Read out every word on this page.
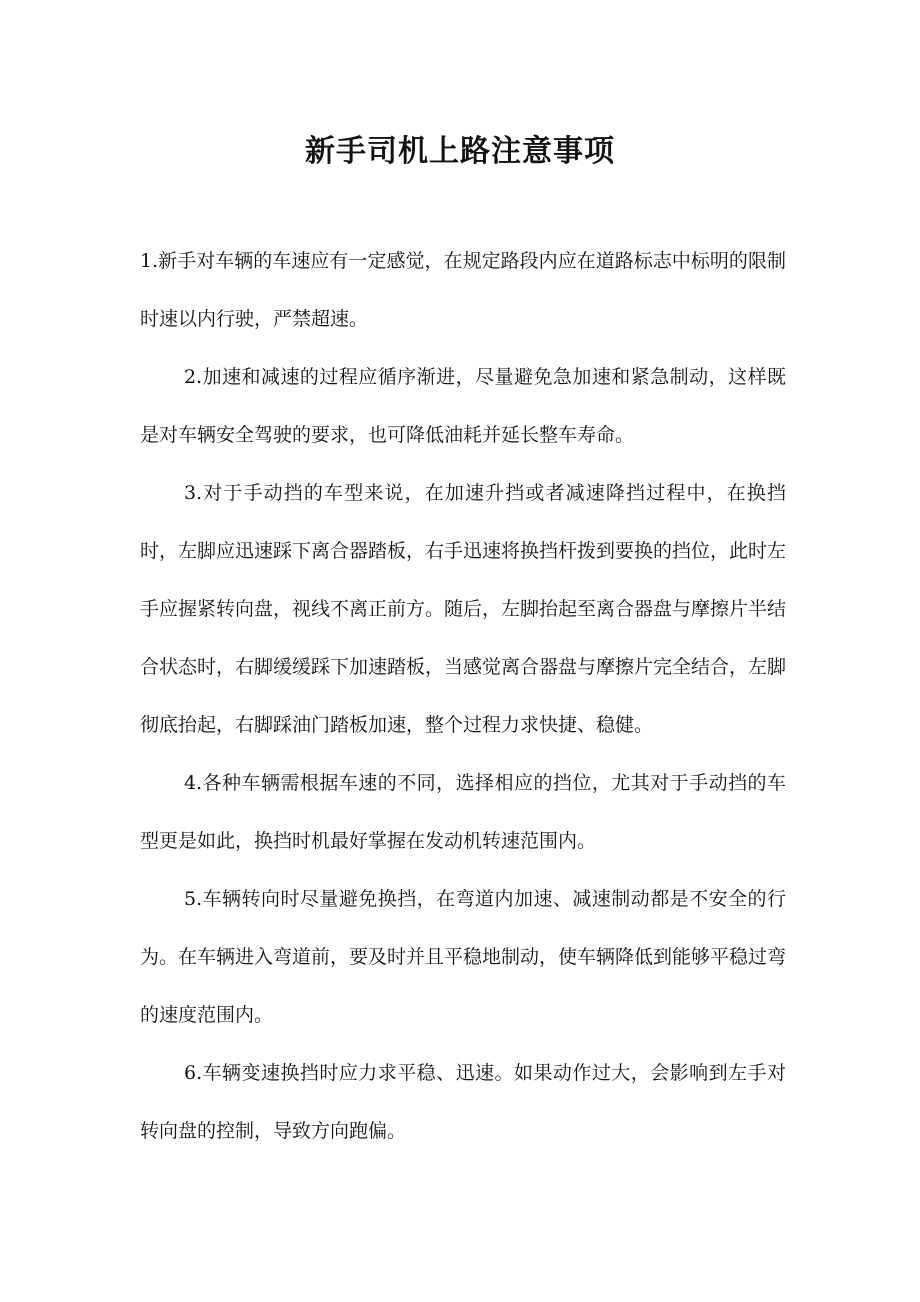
新手司机上路注意事项

1.新手对车辆的车速应有一定感觉，在规定路段内应在道路标志中标明的限制时速以内行驶，严禁超速。

2.加速和减速的过程应循序渐进，尽量避免急加速和紧急制动，这样既是对车辆安全驾驶的要求，也可降低油耗并延长整车寿命。

3.对于手动挡的车型来说，在加速升挡或者减速降挡过程中，在换挡时，左脚应迅速踩下离合器踏板，右手迅速将换挡杆拨到要换的挡位，此时左手应握紧转向盘，视线不离正前方。随后，左脚抬起至离合器盘与摩擦片半结合状态时，右脚缓缓踩下加速踏板，当感觉离合器盘与摩擦片完全结合，左脚彻底抬起，右脚踩油门踏板加速，整个过程力求快捷、稳健。

4.各种车辆需根据车速的不同，选择相应的挡位，尤其对于手动挡的车型更是如此，换挡时机最好掌握在发动机转速范围内。

5.车辆转向时尽量避免换挡，在弯道内加速、减速制动都是不安全的行为。在车辆进入弯道前，要及时并且平稳地制动，使车辆降低到能够平稳过弯的速度范围内。

6.车辆变速换挡时应力求平稳、迅速。如果动作过大，会影响到左手对转向盘的控制，导致方向跑偏。
